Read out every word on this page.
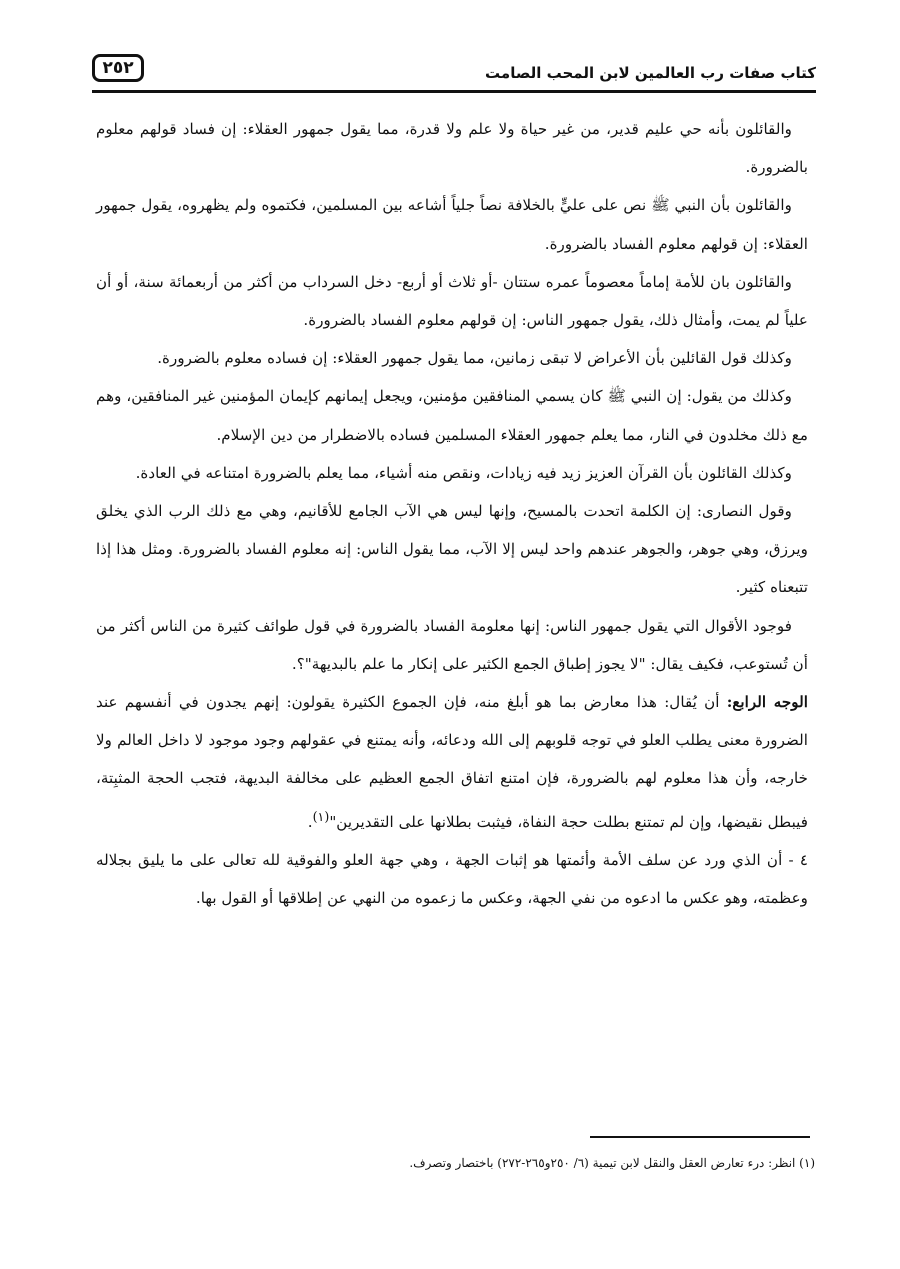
كتاب صفات رب العالمين لابن المحب الصامت
٢٥٢

والقائلون بأنه حي عليم قدير، من غير حياة ولا علم ولا قدرة، مما يقول جمهور العقلاء: إن فساد قولهم معلوم بالضرورة.

والقائلون بأن النبي ﷺ نص على عليٍّ بالخلافة نصاً جلياً أشاعه بين المسلمين، فكتموه ولم يظهروه، يقول جمهور العقلاء: إن قولهم معلوم الفساد بالضرورة.

والقائلون بان للأمة إماماً معصوماً عمره ستتان -أو ثلاث أو أربع- دخل السرداب من أكثر من أربعمائة سنة، أو أن علياً لم يمت، وأمثال ذلك، يقول جمهور الناس: إن قولهم معلوم الفساد بالضرورة.

وكذلك قول القائلين بأن الأعراض لا تبقى زمانين، مما يقول جمهور العقلاء: إن فساده معلوم بالضرورة.

وكذلك من يقول: إن النبي ﷺ كان يسمي المنافقين مؤمنين، ويجعل إيمانهم كإيمان المؤمنين غير المنافقين، وهم مع ذلك مخلدون في النار، مما يعلم جمهور العقلاء المسلمين فساده بالاضطرار من دين الإسلام.

وكذلك القائلون بأن القرآن العزيز زيد فيه زيادات، ونقص منه أشياء، مما يعلم بالضرورة امتناعه في العادة.

وقول النصارى: إن الكلمة اتحدت بالمسيح، وإنها ليس هي الآب الجامع للأقانيم، وهي مع ذلك الرب الذي يخلق ويرزق، وهي جوهر، والجوهر عندهم واحد ليس إلا الآب، مما يقول الناس: إنه معلوم الفساد بالضرورة. ومثل هذا إذا تتبعناه كثير.

فوجود الأقوال التي يقول جمهور الناس: إنها معلومة الفساد بالضرورة في قول طوائف كثيرة من الناس أكثر من أن تُستوعب، فكيف يقال: "لا يجوز إطباق الجمع الكثير على إنكار ما علم بالبديهة"؟.

الوجه الرابع: أن يُقال: هذا معارض بما هو أبلغ منه، فإن الجموع الكثيرة يقولون: إنهم يجدون في أنفسهم عند الضرورة معنى يطلب العلو في توجه قلوبهم إلى الله ودعائه، وأنه يمتنع في عقولهم وجود موجود لا داخل العالم ولا خارجه، وأن هذا معلوم لهم بالضرورة، فإن امتنع اتفاق الجمع العظيم على مخالفة البديهة، فتجب الحجة المثبِتة، فيبطل نقيضها، وإن لم تمتنع بطلت حجة النفاة، فيثبت بطلانها على التقديرين"$^{(١)}$.

٤ - أن الذي ورد عن سلف الأمة وأئمتها هو إثبات الجهة ، وهي جهة العلو والفوقية لله تعالى على ما يليق بجلاله وعظمته، وهو عكس ما ادعوه من نفي الجهة، وعكس ما زعموه من النهي عن إطلاقها أو القول بها.

(١) انظر: درء تعارض العقل والنقل لابن تيمية (٦/ ٢٥٠و٢٦٥-٢٧٢) باختصار وتصرف.
